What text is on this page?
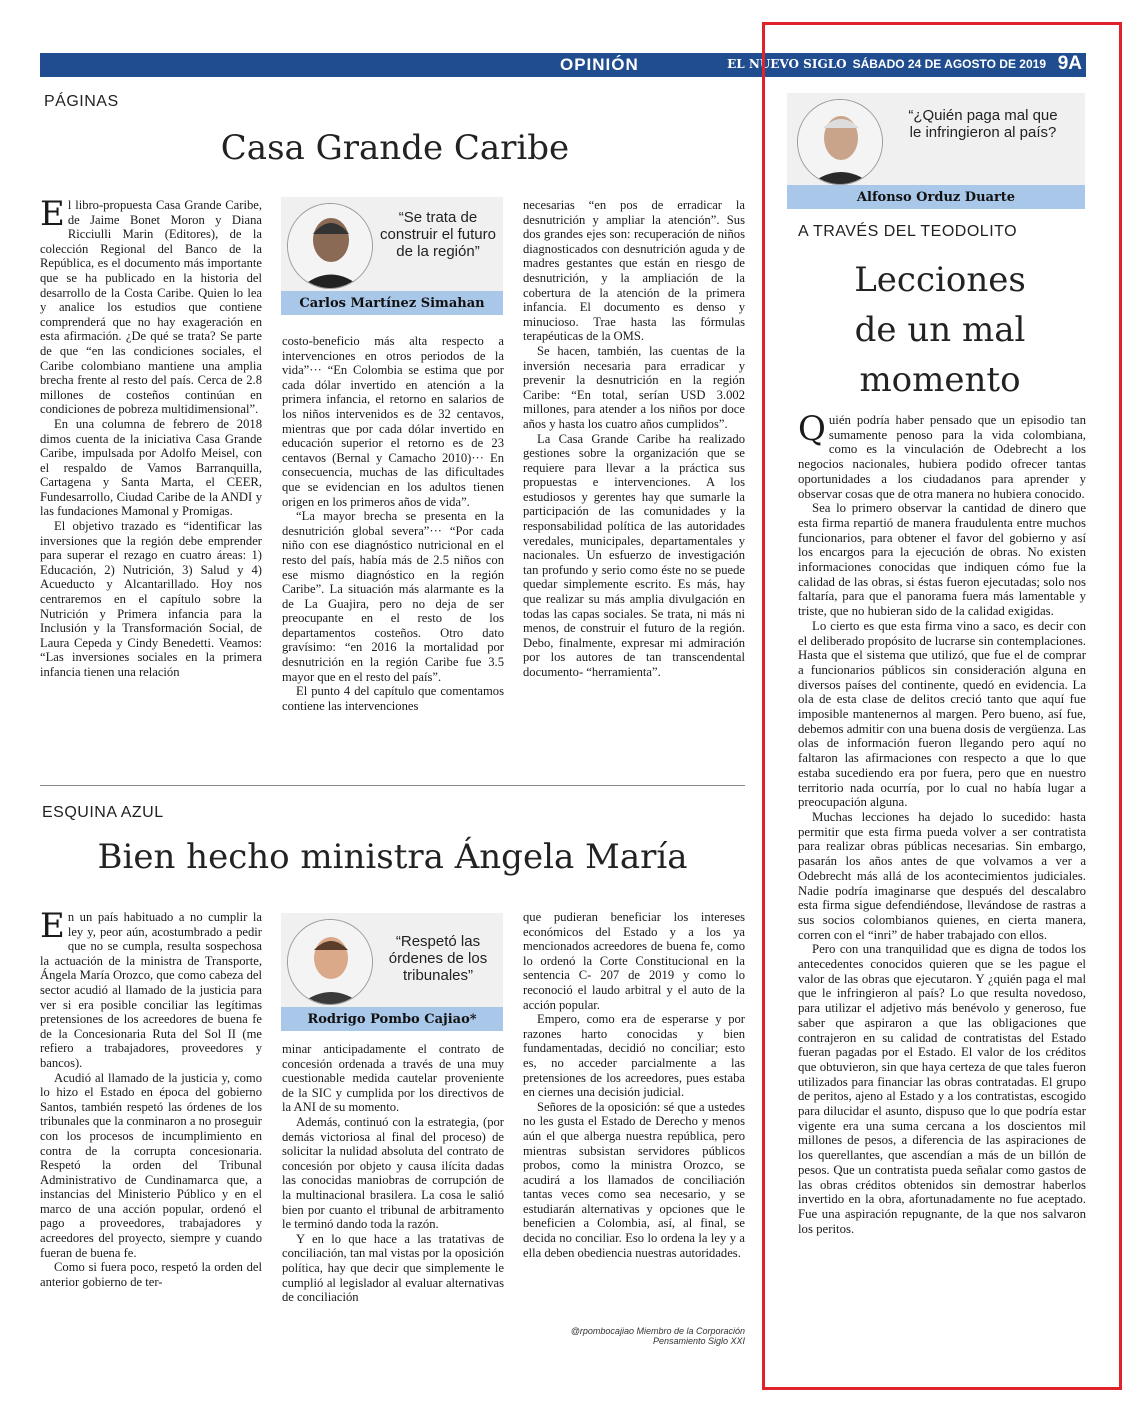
OPINIÓN	EL NUEVO SIGLO SÁBADO 24 DE AGOSTO DE 2019 9A
PÁGINAS
Casa Grande Caribe

El libro-propuesta Casa Grande Caribe, de Jaime Bonet Moron y Diana Ricciulli Marin (Editores), de la colección Regional del Banco de la República, es el documento más importante que se ha publicado en la historia del desarrollo de la Costa Caribe. Quien lo lea y analice los estudios que contiene comprenderá que no hay exageración en esta afirmación. ¿De qué se trata? Se parte de que “en las condiciones sociales, el Caribe colombiano mantiene una amplia brecha frente al resto del país. Cerca de 2.8 millones de costeños continúan en condiciones de pobreza multidimensional”.

En una columna de febrero de 2018 dimos cuenta de la iniciativa Casa Grande Caribe, impulsada por Adolfo Meisel, con el respaldo de Vamos Barranquilla, Cartagena y Santa Marta, el CEER, Fundesarrollo, Ciudad Caribe de la ANDI y las fundaciones Mamonal y Promigas.

El objetivo trazado es “identificar las inversiones que la región debe emprender para superar el rezago en cuatro áreas: 1) Educación, 2) Nutrición, 3) Salud y 4) Acueducto y Alcantarillado. Hoy nos centraremos en el capítulo sobre la Nutrición y Primera infancia para la Inclusión y la Transformación Social, de Laura Cepeda y Cindy Benedetti. Veamos: “Las inversiones sociales en la primera infancia tienen una relación

“Se trata de construir el futuro de la región”
Carlos Martínez Simahan

costo-beneficio más alta respecto a intervenciones en otros periodos de la vida”··· “En Colombia se estima que por cada dólar invertido en atención a la primera infancia, el retorno en salarios de los niños intervenidos es de 32 centavos, mientras que por cada dólar invertido en educación superior el retorno es de 23 centavos (Bernal y Camacho 2010)··· En consecuencia, muchas de las dificultades que se evidencian en los adultos tienen origen en los primeros años de vida”.

“La mayor brecha se presenta en la desnutrición global severa”··· “Por cada niño con ese diagnóstico nutricional en el resto del país, había más de 2.5 niños con ese mismo diagnóstico en la región Caribe”. La situación más alarmante es la de La Guajira, pero no deja de ser preocupante en el resto de los departamentos costeños. Otro dato gravísimo: “en 2016 la mortalidad por desnutrición en la región Caribe fue 3.5 mayor que en el resto del país”.

El punto 4 del capítulo que comentamos contiene las intervenciones

necesarias “en pos de erradicar la desnutrición y ampliar la atención”. Sus dos grandes ejes son: recuperación de niños diagnosticados con desnutrición aguda y de madres gestantes que están en riesgo de desnutrición, y la ampliación de la cobertura de la atención de la primera infancia. El documento es denso y minucioso. Trae hasta las fórmulas terapéuticas de la OMS.

Se hacen, también, las cuentas de la inversión necesaria para erradicar y prevenir la desnutrición en la región Caribe: “En total, serían USD 3.002 millones, para atender a los niños por doce años y hasta los cuatro años cumplidos”.

La Casa Grande Caribe ha realizado gestiones sobre la organización que se requiere para llevar a la práctica sus propuestas e intervenciones. A los estudiosos y gerentes hay que sumarle la participación de las comunidades y la responsabilidad política de las autoridades veredales, municipales, departamentales y nacionales. Un esfuerzo de investigación tan profundo y serio como éste no se puede quedar simplemente escrito. Es más, hay que realizar su más amplia divulgación en todas las capas sociales. Se trata, ni más ni menos, de construir el futuro de la región. Debo, finalmente, expresar mi admiración por los autores de tan transcendental documento- “herramienta”.

ESQUINA AZUL
Bien hecho ministra Ángela María

En un país habituado a no cumplir la ley y, peor aún, acostumbrado a pedir que no se cumpla, resulta sospechosa la actuación de la ministra de Transporte, Ángela María Orozco, que como cabeza del sector acudió al llamado de la justicia para ver si era posible conciliar las legítimas pretensiones de los acreedores de buena fe de la Concesionaria Ruta del Sol II (me refiero a trabajadores, proveedores y bancos).

Acudió al llamado de la justicia y, como lo hizo el Estado en época del gobierno Santos, también respetó las órdenes de los tribunales que la conminaron a no proseguir con los procesos de incumplimiento en contra de la corrupta concesionaria. Respetó la orden del Tribunal Administrativo de Cundinamarca que, a instancias del Ministerio Público y en el marco de una acción popular, ordenó el pago a proveedores, trabajadores y acreedores del proyecto, siempre y cuando fueran de buena fe.

Como si fuera poco, respetó la orden del anterior gobierno de ter-

“Respetó las órdenes de los tribunales”
Rodrigo Pombo Cajiao*

minar anticipadamente el contrato de concesión ordenada a través de una muy cuestionable medida cautelar proveniente de la SIC y cumplida por los directivos de la ANI de su momento.

Además, continuó con la estrategia, (por demás victoriosa al final del proceso) de solicitar la nulidad absoluta del contrato de concesión por objeto y causa ilícita dadas las conocidas maniobras de corrupción de la multinacional brasilera. La cosa le salió bien por cuanto el tribunal de arbitramento le terminó dando toda la razón.

Y en lo que hace a las tratativas de conciliación, tan mal vistas por la oposición política, hay que decir que simplemente le cumplió al legislador al evaluar alternativas de conciliación

que pudieran beneficiar los intereses económicos del Estado y a los ya mencionados acreedores de buena fe, como lo ordenó la Corte Constitucional en la sentencia C- 207 de 2019 y como lo reconoció el laudo arbitral y el auto de la acción popular.

Empero, como era de esperarse y por razones harto conocidas y bien fundamentadas, decidió no conciliar; esto es, no acceder parcialmente a las pretensiones de los acreedores, pues estaba en ciernes una decisión judicial.

Señores de la oposición: sé que a ustedes no les gusta el Estado de Derecho y menos aún el que alberga nuestra república, pero mientras subsistan servidores públicos probos, como la ministra Orozco, se acudirá a los llamados de conciliación tantas veces como sea necesario, y se estudiarán alternativas y opciones que le beneficien a Colombia, así, al final, se decida no conciliar. Eso lo ordena la ley y a ella deben obediencia nuestras autoridades.

@rpombocajiao Miembro de la Corporación
Pensamiento Siglo XXI
“¿Quién paga mal que le infringieron al país?
Alfonso Orduz Duarte
A TRAVÉS DEL TEODOLITO
Lecciones
de un mal
momento

Quién podría haber pensado que un episodio tan sumamente penoso para la vida colombiana, como es la vinculación de Odebrecht a los negocios nacionales, hubiera podido ofrecer tantas oportunidades a los ciudadanos para aprender y observar cosas que de otra manera no hubiera conocido.

Sea lo primero observar la cantidad de dinero que esta firma repartió de manera fraudulenta entre muchos funcionarios, para obtener el favor del gobierno y así los encargos para la ejecución de obras. No existen informaciones conocidas que indiquen cómo fue la calidad de las obras, si éstas fueron ejecutadas; solo nos faltaría, para que el panorama fuera más lamentable y triste, que no hubieran sido de la calidad exigidas.

Lo cierto es que esta firma vino a saco, es decir con el deliberado propósito de lucrarse sin contemplaciones. Hasta que el sistema que utilizó, que fue el de comprar a funcionarios públicos sin consideración alguna en diversos países del continente, quedó en evidencia. La ola de esta clase de delitos creció tanto que aquí fue imposible mantenernos al margen. Pero bueno, así fue, debemos admitir con una buena dosis de vergüenza. Las olas de información fueron llegando pero aquí no faltaron las afirmaciones con respecto a que lo que estaba sucediendo era por fuera, pero que en nuestro territorio nada ocurría, por lo cual no había lugar a preocupación alguna.

Muchas lecciones ha dejado lo sucedido: hasta permitir que esta firma pueda volver a ser contratista para realizar obras públicas necesarias. Sin embargo, pasarán los años antes de que volvamos a ver a Odebrecht más allá de los acontecimientos judiciales. Nadie podría imaginarse que después del descalabro esta firma sigue defendiéndose, llevándose de rastras a sus socios colombianos quienes, en cierta manera, corren con el “inri” de haber trabajado con ellos.

Pero con una tranquilidad que es digna de todos los antecedentes conocidos quieren que se les pague el valor de las obras que ejecutaron. Y ¿quién paga el mal que le infringieron al país? Lo que resulta novedoso, para utilizar el adjetivo más benévolo y generoso, fue saber que aspiraron a que las obligaciones que contrajeron en su calidad de contratistas del Estado fueran pagadas por el Estado. El valor de los créditos que obtuvieron, sin que haya certeza de que tales fueron utilizados para financiar las obras contratadas. El grupo de peritos, ajeno al Estado y a los contratistas, escogido para dilucidar el asunto, dispuso que lo que podría estar vigente era una suma cercana a los doscientos mil millones de pesos, a diferencia de las aspiraciones de los querellantes, que ascendían a más de un billón de pesos. Que un contratista pueda señalar como gastos de las obras créditos obtenidos sin demostrar haberlos invertido en la obra, afortunadamente no fue aceptado. Fue una aspiración repugnante, de la que nos salvaron los peritos.
